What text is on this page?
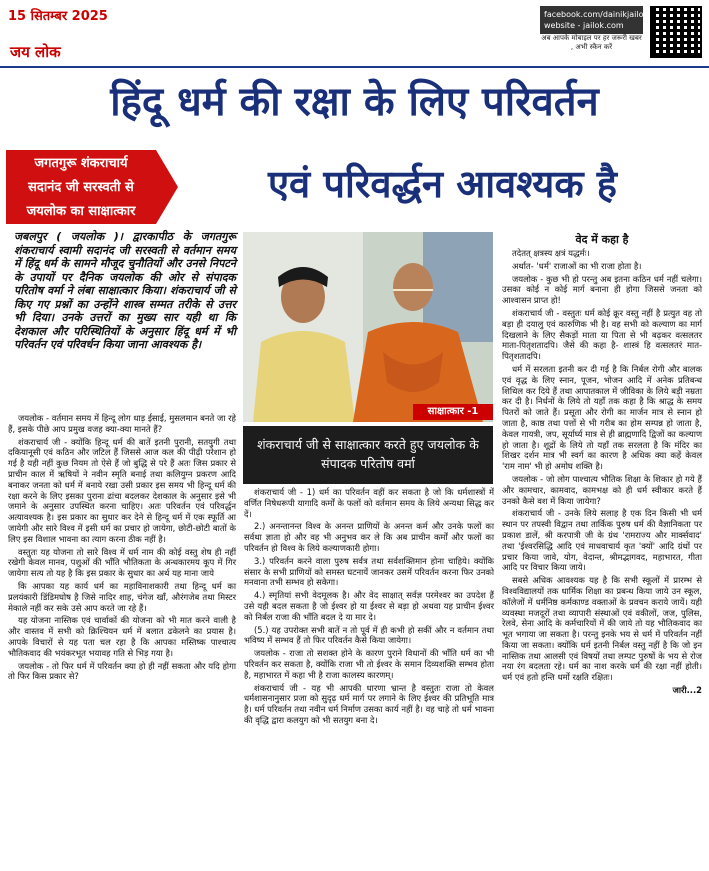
15 सितम्बर 2025
जय लोक
facebook.com/dainikjailok
website - jailok.com
अब आपके मोबाइल पर हर जरूरी खबर , अभी स्कैन करें
हिंदू धर्म की रक्षा के लिए परिवर्तन
जगतगुरू शंकराचार्य
सदानंद जी सरस्वती से
जयलोक का साक्षात्कार
एवं परिवर्द्धन आवश्यक है
जबलपुर ( जयलोक )। द्वारकापीठ के जगतगुरू शंकराचार्य स्वामी सदानंद जी सरस्वती से वर्तमान समय में हिंदू धर्म के सामने मौजूद चुनौतियों और उनसे निपटने के उपायों पर दैनिक जयलोक की ओर से संपादक परितोष वर्मा ने लंबा साक्षात्कार किया। शंकराचार्य जी से किए गए प्रश्नों का उन्होंने शास्त्र सम्मत तरीके से उत्तर भी दिया। उनके उत्तरों का मुख्य सार यही था कि देशकाल और परिस्थितियों के अनुसार हिंदू धर्म में भी परिवर्तन एवं परिवर्धन किया जाना आवश्यक है।
साक्षात्कार -1
शंकराचार्य जी से साक्षात्कार करते हुए जयलोक के संपादक परितोष वर्मा

जयलोक - वर्तमान समय में हिन्दू लोग धाड़ ईसाई, मुसलमान बनते जा रहे हैं, इसके पीछे आप प्रमुख वजह क्या-क्या मानते हैं?

शंकराचार्य जी - क्योंकि हिन्दू धर्म की बातें इतनी पुरानी, सतयुगी तथा दकियानूसी एवं कठिन और जटिल हैं जिससे आज कल की पीढ़ी परेशान हो गई है यही नहीं कुछ नियम तो ऐसे हैं जो बुद्धि से परे हैं अतः जिस प्रकार से प्राचीन काल में ऋषियों ने नवीन स्मृति बनाई तथा कलियुग्न प्रकरण आदि बनाकर जनता को धर्म में बनाये रखा उसी प्रकार इस समय भी हिन्दू धर्म की रक्षा करने के लिए इसका पुराना ढांचा बदलकर देशकाल के अनुसार इसे भी जमाने के अनुसार उपस्थित करना चाहिए। अतः परिवर्तन एवं परिवर्द्धन अत्यावश्यक है। इस प्रकार का सुधार कर देने से हिन्दू धर्म में एक स्फूर्ति आ जायेगी और सारे विश्व में इसी धर्म का प्रचार हो जायेगा, छोटी-छोटी बातों के लिए इस विशाल भावना का त्याग करना ठीक नहीं है।

वस्तुतः यह योजना तो सारे विश्व में धर्म नाम की कोई वस्तु शेष ही नहीं रखेगी केवल मानव, पशुओं की भाँति भौतिकता के अन्धकारमय कूप में गिर जायेगा सत्य तो यह है कि इस प्रकार के सुधार का अर्थ यह माना जाये

कि आपका यह कार्य धर्म का महाविनाशकारी तथा हिन्दू धर्म का प्रलयंकारी डिंडिमघोष है जिसे नादिर शाह, चंगेज खाँ, औरंगजेब तथा मिस्टर मेकाले नहीं कर सके उसे आप करते जा रहे हैं।

यह योजना नास्तिक एवं चार्वाकों की योजना को भी मात करने वाली है और वास्तव में सभी को क्रिश्चियन धर्म में बलात ढकेलने का प्रयास है। आपके विचारों से यह पता चल रहा है कि आपका मस्तिष्क पाश्चात्य भौतिकवाद की भयंकरभूत भयावह गति से भिड़ गया है।

जयलोक - तो फिर धर्म में परिवर्तन क्या हो ही नहीं सकता और यदि होगा तो फिर किस प्रकार से?

शंकराचार्य जी - 1) धर्म का परिवर्तन वहीं कर सकता है जो कि धर्मशास्त्रों में वर्णित निषेधरूपी यागादि कर्मों के फलों को वर्तमान समय के लिये अन्यथा सिद्ध कर दें।

2.) अनन्तानन्त विश्व के अनन्त प्राणियों के अनन्त कर्म और उनके फलों का सर्वथा ज्ञाता हो और वह भी अनुभव कर ले कि अब प्राचीन कर्मों और फलों का परिवर्तन हो विश्व के लिये कल्याणकारी होगा।

3.) परिवर्तन करने वाला पुरुष सर्वत्र तथा सर्वशक्तिमान होना चाहिये। क्योंकि संसार के सभी प्राणियों को समस्त घटनायें जानकर उसमें परिवर्तन करना फिर उनको मनवाना तभी सम्भव हो सकेगा।

4.) स्मृतियां सभी वेदमूलक है। और वेद साक्षात् सर्वज्ञ परमेश्वर का उपदेश हैं उसे यही बदल सकता है जो ईश्वर हो या ईश्वर से बड़ा हो अथवा यह प्राचीन ईश्वर को निर्बल राजा की भाँति बदल दे या मार दे।

(5.) यह उपरोक्त सभी बातें न तो पूर्व में ही कभी हो सकीं और न वर्तमान तथा भविष्य में सम्भव हैं तो फिर परिवर्तन कैसे किया जायेगा।

जयलोक - राजा तो सशक्त होने के कारण पुराने विधानों की भाँति धर्म का भी परिवर्तन कर सकता है, क्योंकि राजा भी तो ईश्वर के समान दिव्यशक्ति सम्भव होता है, महाभारत में कहा भी है राजा कालस्य कारणम्।

शंकराचार्य जी - यह भी आपकी धारणा भ्रान्त है वस्तुतः राजा तो केवल धर्मशासनानुसार प्रजा को सुदृढ़ धर्म मार्ग पर लगाने के लिए ईश्वर की प्रतिभूति मात्र है। धर्म परिवर्तन तथा नवीन धर्म निर्माण उसका कार्य नहीं है। वह चाहे तो धर्म भावना की वृद्धि द्वारा कलयुग को भी सतयुग बना दे।

वेद में कहा है

तदेतत् क्षत्रस्य क्षत्रं यद्धर्मः।

अर्थात- 'धर्म' राजाओं का भी राजा होता है।

जयलोक - कुछ भी हो परन्तु अब इतना कठिन धर्म नहीं चलेगा। उसका कोई न कोई मार्ग बनाना ही होगा जिससे जनता को आश्वासन प्राप्त हो!

शंकराचार्य जी - वस्तुतः धर्म कोई क्रूर वस्तु नहीं है प्रत्युत वह तो बड़ा ही दयालु एवं कारुणिक भी है। वह सभी को कल्याण का मार्ग दिखलाने के लिए सैकड़ों माता या पिता से भी बढ़कर वत्सलतर माता-पितृशतादपि। जैसे की कहा है- शास्त्रं हि वत्सलतरं मात-पितृशतादपि।

धर्म में सरलता इतनी कर दी गई है कि निर्बल रोगी और बालक एवं वृद्ध के लिए स्नान, पूजन, भोजन आदि में अनेक प्रतिबन्ध शिथिल कर दिये हैं तथा आपातकाल में जीविका के लिये बड़ी नम्रता कर दी है। निर्धनों के लिये तो यहाँ तक कहा है कि श्राद्ध के समय पितरों को जाते हैं। प्रसूता और रोगी का मार्जन मात्र से स्नान हो जाता है, काष्ठ तथा पत्तों से भी गरीब का होम सम्पन्न हो जाता है, केवल गायत्री, जप, सूर्यार्घ्य मात्र से ही ब्राह्मणादि द्विजों का कल्याण हो जाता है। शूद्रों के लिये तो यहाँ तक सरलता है कि मंदिर का शिखर दर्शन मात्र भी स्वर्ग का कारण है अधिक क्या कहें केवल 'राम नाम' भी हो अमोघ शक्ति है।

जयलोक - जो लोग पाश्चात्य भौतिक शिक्षा के शिकार हो गये हैं और कामचार, कामवाद, कामभक्ष को ही धर्म स्वीकार करते हैं उनको कैसे वश में किया जायेगा?

शंकराचार्य जी - उनके लिये सलाह है एक दिन किसी भी धर्म स्थान पर तपस्वी विद्वान तथा तार्किक पुरुष धर्म की वैज्ञानिकता पर प्रकाश डालें, श्री करपात्री जी के ग्रंथ 'रामराज्य और मार्क्सवाद' तथा 'ईश्वरसिद्धि आदि एवं माधवाचार्य कृत 'क्यों' आदि ग्रंथों पर प्रचार किया जावे, योग, वेदान्त, श्रीमद्भागवद, महाभारत, गीता आदि पर विचार किया जाये।

सबसे अधिक आवश्यक यह है कि सभी स्कूलों में प्रारम्भ से विश्वविद्यालयों तक धार्मिक शिक्षा का प्रबन्ध किया जाये उन स्कूल, कॉलेजों में धर्मनिष्ठ कर्मकाण्ड वक्ताओं के प्रवचन कराये जायें। यही व्यवस्था मजदूरों तथा व्यापारी संस्थाओं एवं वकीलों, जज, पुलिस, रेलवे, सेना आदि के कर्मचारियों में की जाये तो यह भौतिकवाद का भूत भगाया जा सकता है। परन्तु इनके भय से धर्म में परिवर्तन नहीं किया जा सकता। क्योंकि धर्म इतनी निर्बल वस्तु नहीं है कि जो इन नास्तिक तथा आलसी एवं विषयों तथा लम्पट पुरुषों के भय से रोज नया रंग बदलता रहे। धर्म का नाश करके धर्म की रक्षा नहीं होती। धर्म एवं हतो हन्ति धर्मो रक्षति रक्षितः।

जारी...2
